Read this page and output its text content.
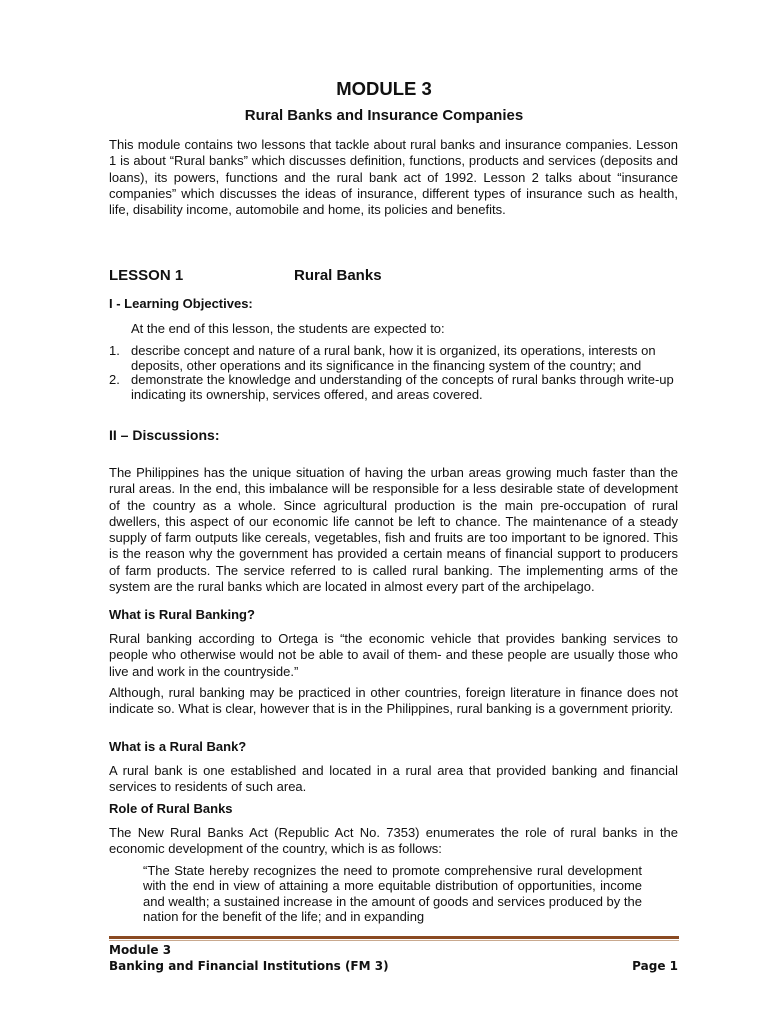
MODULE 3
Rural Banks and Insurance Companies

This module contains two lessons that tackle about rural banks and insurance companies. Lesson 1 is about “Rural banks” which discusses definition, functions, products and services (deposits and loans), its powers, functions and the rural bank act of 1992. Lesson 2 talks about “insurance companies” which discusses the ideas of insurance, different types of insurance such as health, life, disability income, automobile and home, its policies and benefits.

LESSON 1	Rural Banks

I - Learning Objectives:

At the end of this lesson, the students are expected to:
1. describe concept and nature of a rural bank, how it is organized, its operations, interests on deposits, other operations and its significance in the financing system of the country; and
2. demonstrate the knowledge and understanding of the concepts of rural banks through write-up indicating its ownership, services offered, and areas covered.

II – Discussions:

The Philippines has the unique situation of having the urban areas growing much faster than the rural areas. In the end, this imbalance will be responsible for a less desirable state of development of the country as a whole. Since agricultural production is the main pre-occupation of rural dwellers, this aspect of our economic life cannot be left to chance. The maintenance of a steady supply of farm outputs like cereals, vegetables, fish and fruits are too important to be ignored. This is the reason why the government has provided a certain means of financial support to producers of farm products. The service referred to is called rural banking. The implementing arms of the system are the rural banks which are located in almost every part of the archipelago.

What is Rural Banking?

Rural banking according to Ortega is “the economic vehicle that provides banking services to people who otherwise would not be able to avail of them- and these people are usually those who live and work in the countryside.”

Although, rural banking may be practiced in other countries, foreign literature in finance does not indicate so. What is clear, however that is in the Philippines, rural banking is a government priority.

What is a Rural Bank?

A rural bank is one established and located in a rural area that provided banking and financial services to residents of such area.

Role of Rural Banks

The New Rural Banks Act (Republic Act No. 7353) enumerates the role of rural banks in the economic development of the country, which is as follows:

“The State hereby recognizes the need to promote comprehensive rural development with the end in view of attaining a more equitable distribution of opportunities, income and wealth; a sustained increase in the amount of goods and services produced by the nation for the benefit of the life; and in expanding

Module 3
Banking and Financial Institutions (FM 3)	Page 1
